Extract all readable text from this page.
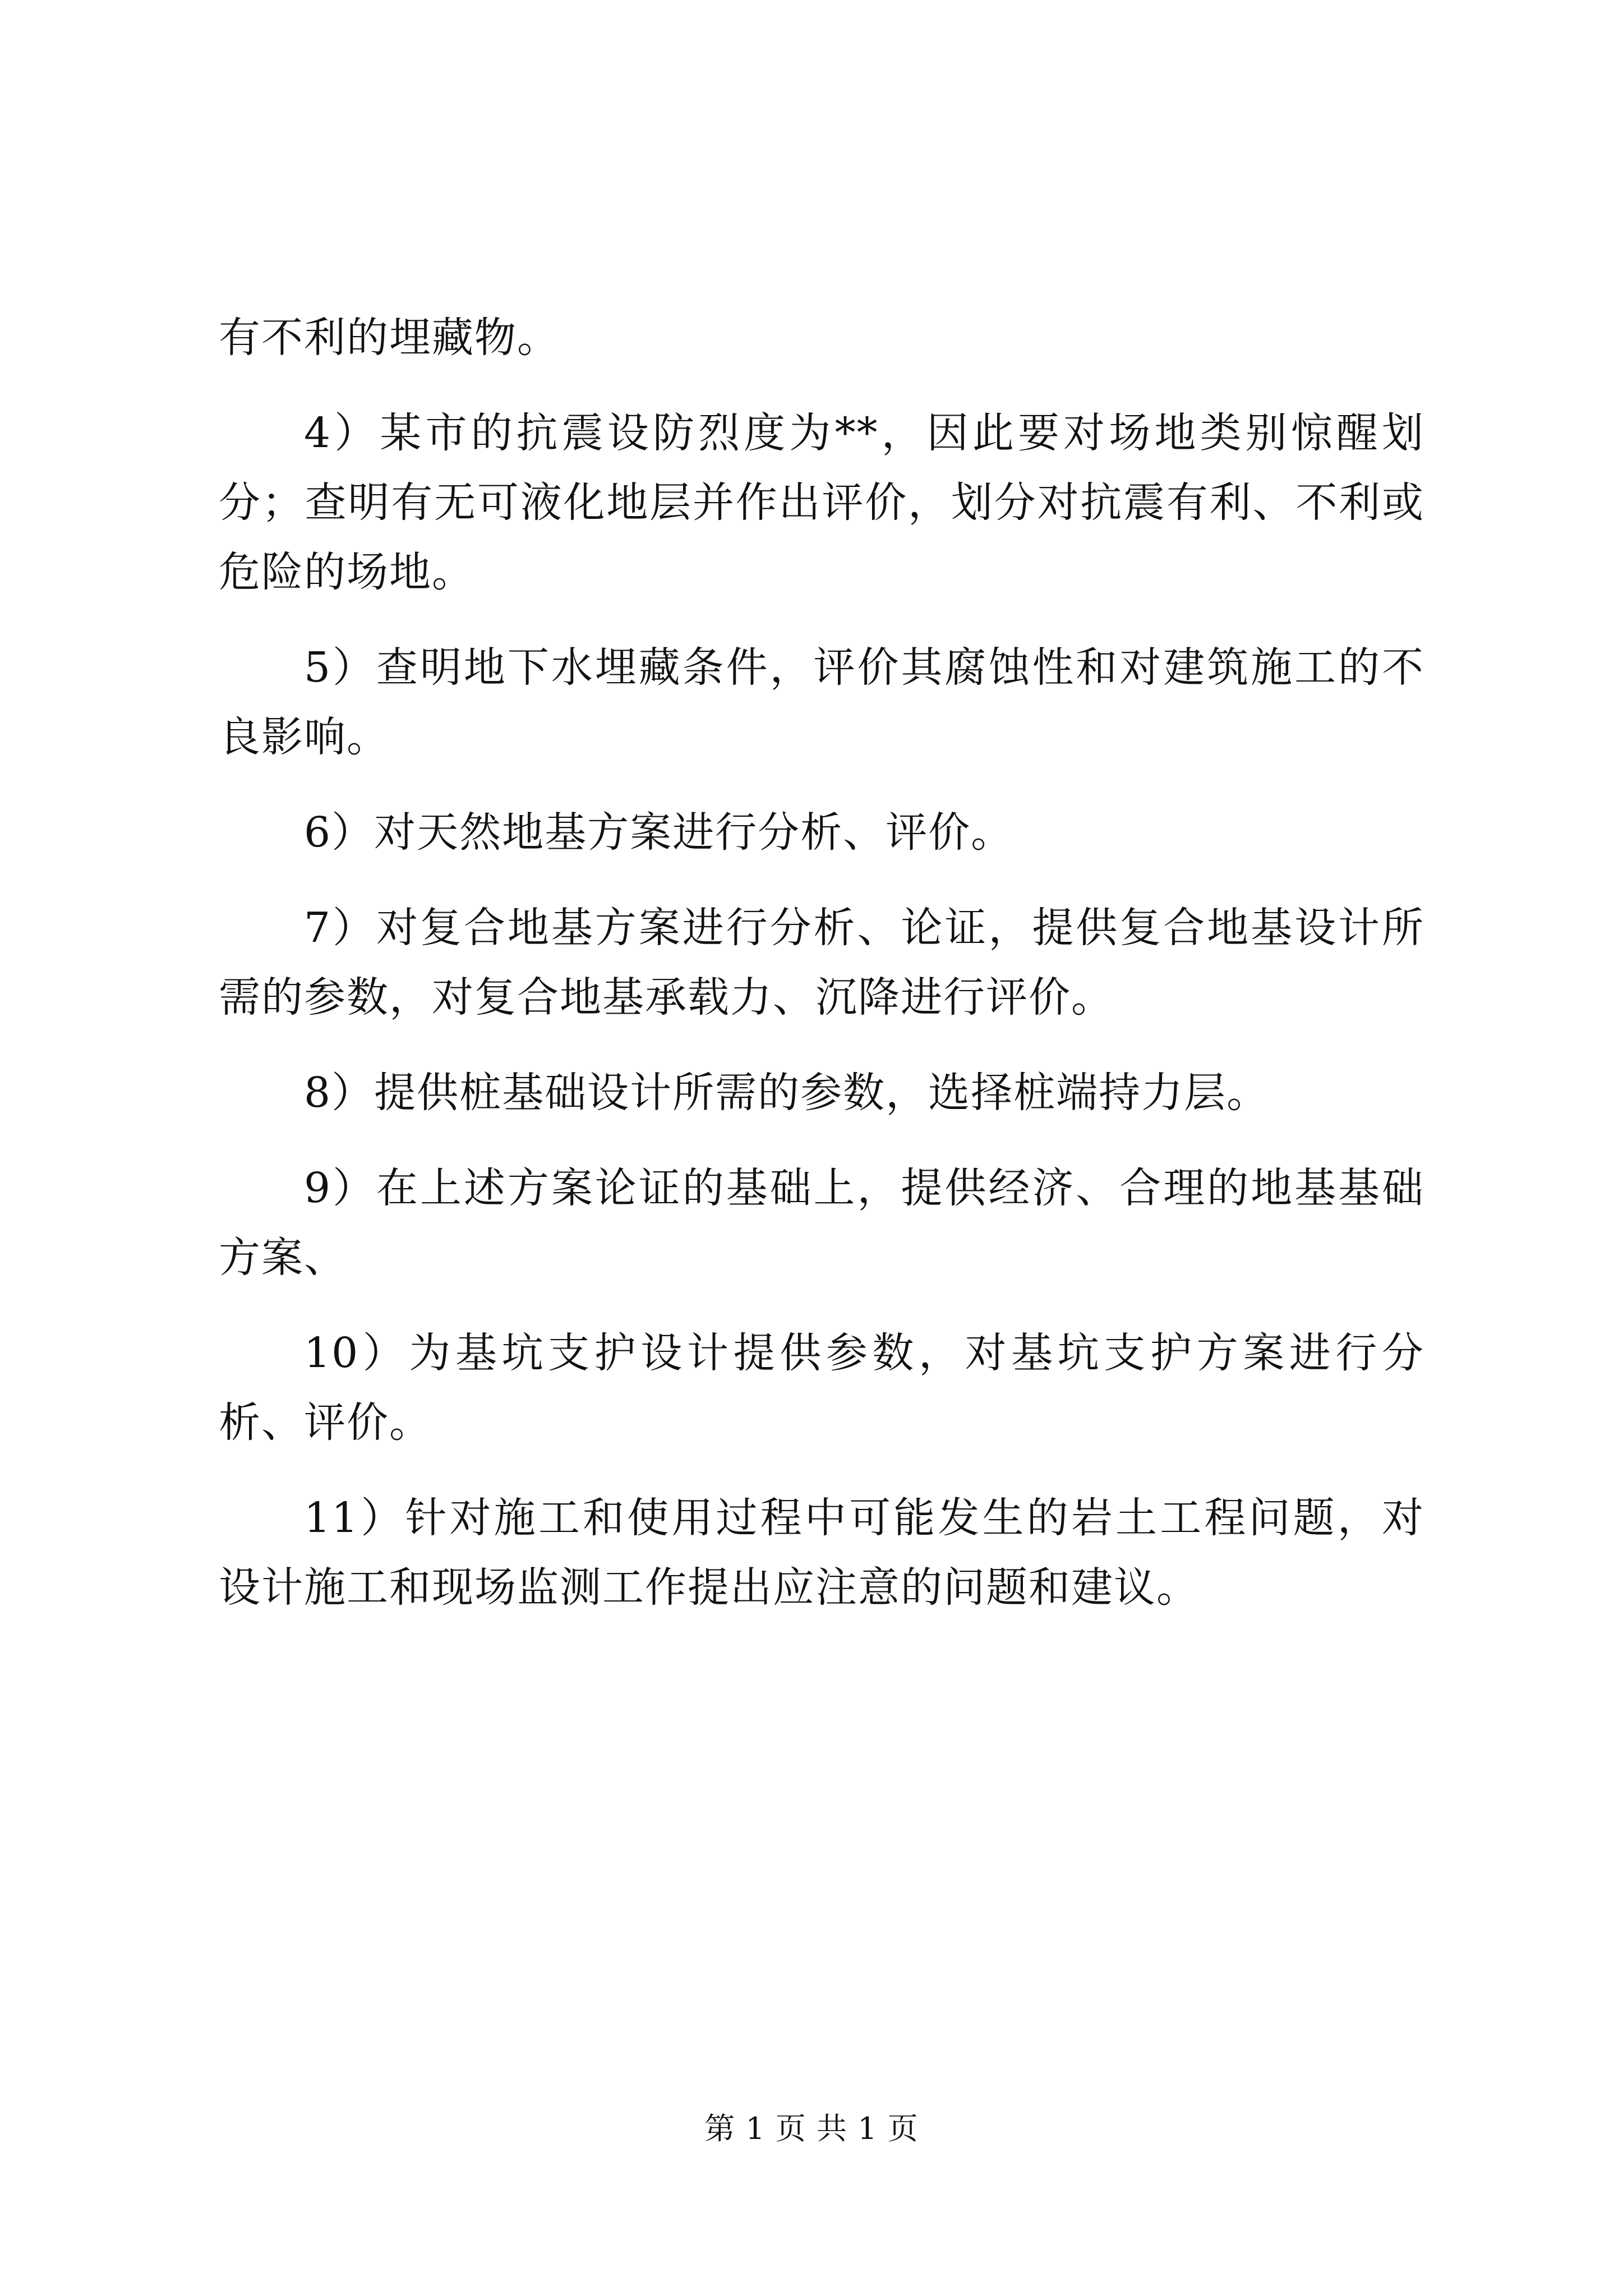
有不利的埋藏物。

4）某市的抗震设防烈度为**，因此要对场地类别惊醒划分；查明有无可液化地层并作出评价，划分对抗震有利、不利或危险的场地。

5）查明地下水埋藏条件，评价其腐蚀性和对建筑施工的不良影响。

6）对天然地基方案进行分析、评价。

7）对复合地基方案进行分析、论证，提供复合地基设计所需的参数，对复合地基承载力、沉降进行评价。

8）提供桩基础设计所需的参数，选择桩端持力层。

9）在上述方案论证的基础上，提供经济、合理的地基基础方案、

10）为基坑支护设计提供参数，对基坑支护方案进行分析、评价。

11）针对施工和使用过程中可能发生的岩土工程问题，对设计施工和现场监测工作提出应注意的问题和建议。

第 1 页 共 1 页
